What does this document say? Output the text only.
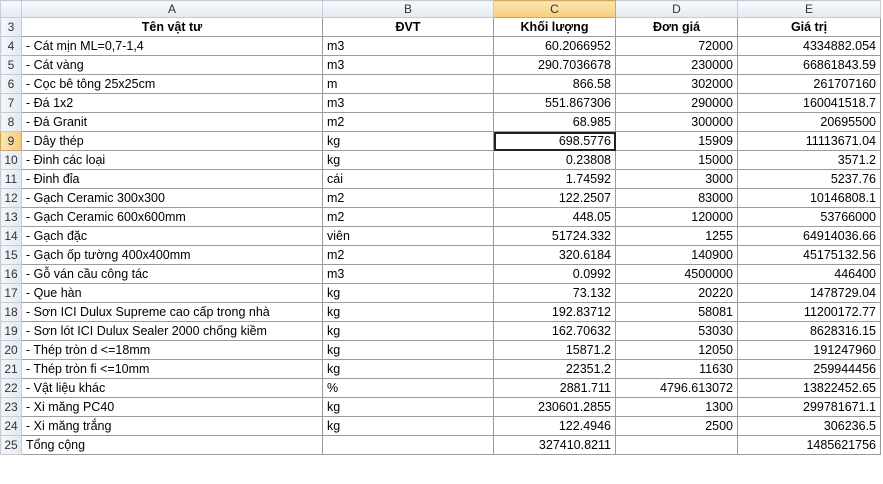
	A	B	C	D	E
3	Tên vật tư	ĐVT	Khối lượng	Đơn giá	Giá trị
4	- Cát mịn ML=0,7-1,4	m3	60.2066952	72000	4334882.054
5	- Cát vàng	m3	290.7036678	230000	66861843.59
6	- Cọc bê tông 25x25cm	m	866.58	302000	261707160
7	- Đá 1x2	m3	551.867306	290000	160041518.7
8	- Đá Granit	m2	68.985	300000	20695500
9	- Dây thép	kg	698.5776	15909	11113671.04
10	- Đinh các loại	kg	0.23808	15000	3571.2
11	- Đinh đỉa	cái	1.74592	3000	5237.76
12	- Gạch Ceramic 300x300	m2	122.2507	83000	10146808.1
13	- Gạch Ceramic 600x600mm	m2	448.05	120000	53766000
14	- Gạch đặc	viên	51724.332	1255	64914036.66
15	- Gạch ốp tường 400x400mm	m2	320.6184	140900	45175132.56
16	- Gỗ ván cầu công tác	m3	0.0992	4500000	446400
17	- Que hàn	kg	73.132	20220	1478729.04
18	- Sơn ICI Dulux Supreme cao cấp trong nhà	kg	192.83712	58081	11200172.77
19	- Sơn lót ICI Dulux Sealer 2000 chống kiềm	kg	162.70632	53030	8628316.15
20	- Thép tròn d <=18mm	kg	15871.2	12050	191247960
21	- Thép tròn fi <=10mm	kg	22351.2	11630	259944456
22	- Vật liệu khác	%	2881.711	4796.613072	13822452.65
23	- Xi măng PC40	kg	230601.2855	1300	299781671.1
24	- Xi măng trắng	kg	122.4946	2500	306236.5
25	Tổng cộng		327410.8211		1485621756
